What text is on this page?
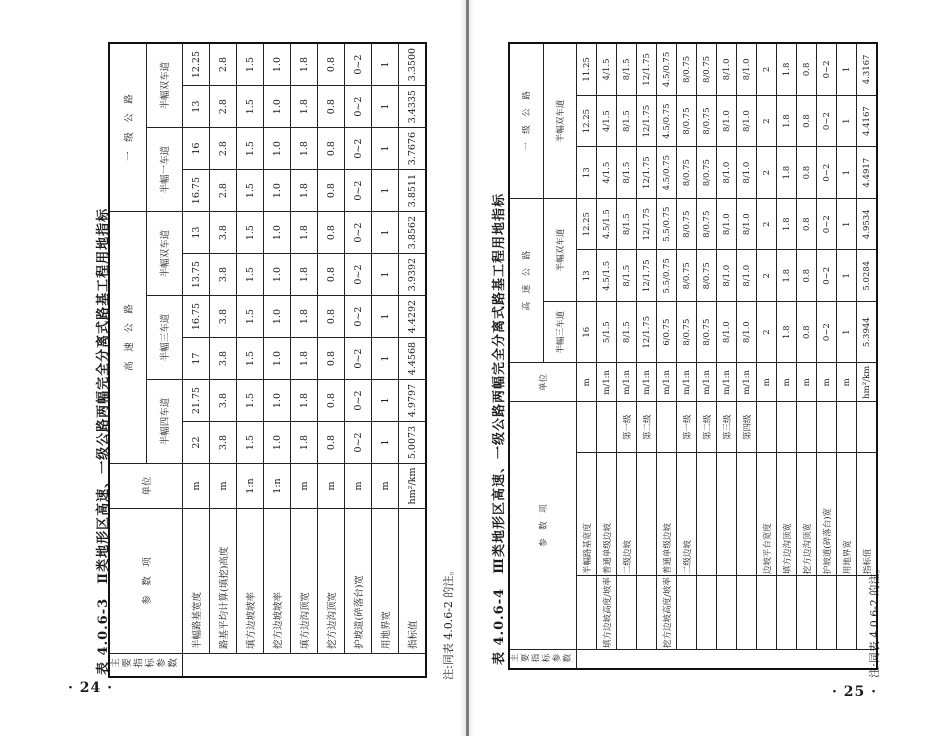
· 24 ·
表 4.0.6-3　Ⅱ类地形区高速、一级公路两幅完全分离式路基工程用地指标	注:同表 4.0.6-2 的注。
主要指标参数	参　数　项	单位	高　速　公　路						一　级　公　路			
			半幅四车道		半幅三车道		半幅双车道		半幅一车道		半幅双车道	
	半幅路基宽度	m	22	21.75	17	16.75	13.75	13	16.75	16	13	12.25
	路基平均计算(填挖)高度	m	3.8	3.8	3.8	3.8	3.8	3.8	2.8	2.8	2.8	2.8
	填方边坡坡率	1:n	1.5	1.5	1.5	1.5	1.5	1.5	1.5	1.5	1.5	1.5
	挖方边坡坡率	1:n	1.0	1.0	1.0	1.0	1.0	1.0	1.0	1.0	1.0	1.0
	填方边沟顶宽	m	1.8	1.8	1.8	1.8	1.8	1.8	1.8	1.8	1.8	1.8
	挖方边沟顶宽	m	0.8	0.8	0.8	0.8	0.8	0.8	0.8	0.8	0.8	0.8
	护坡道(碎落台)宽	m	0~2	0~2	0~2	0~2	0~2	0~2	0~2	0~2	0~2	0~2
	用地界宽	m	1	1	1	1	1	1	1	1	1	1
	指标值	hm²/km	5.0073	4.9797	4.4568	4.4292	3.9392	3.8562	3.8511	3.7676	3.4335	3.3500
· 25 ·
表 4.0.6-4　Ⅲ类地形区高速、一级公路两幅完全分离式路基工程用地指标	注:同表 4.0.6-2 的注。
主要指标参数	参　数　项			单位	高　速　公　路			一　级　公　路		
					半幅三车道	半幅双车道		半幅双车道		
		半幅路基宽度		m	16	13	12.25	13	12.25	11.25
	填方边坡高度/坡率	普通单级边坡		m/1:n	5/1.5	4.5/1.5	4.5/1.5	4/1.5	4/1.5	4/1.5
		二级边坡	第一级	m/1:n	8/1.5	8/1.5	8/1.5	8/1.5	8/1.5	8/1.5
			第二级	m/1:n	12/1.75	12/1.75	12/1.75	12/1.75	12/1.75	12/1.75
	挖方边坡高度/坡率	普通单级边坡		m/1:n	6/0.75	5.5/0.75	5.5/0.75	4.5/0.75	4.5/0.75	4.5/0.75
		二级边坡	第一级	m/1:n	8/0.75	8/0.75	8/0.75	8/0.75	8/0.75	8/0.75
			第二级	m/1:n	8/0.75	8/0.75	8/0.75	8/0.75	8/0.75	8/0.75
			第三级	m/1:n	8/1.0	8/1.0	8/1.0	8/1.0	8/1.0	8/1.0
			第四级	m/1:n	8/1.0	8/1.0	8/1.0	8/1.0	8/1.0	8/1.0
		边坡平台宽度		m	2	2	2	2	2	2
		填方边沟顶宽		m	1.8	1.8	1.8	1.8	1.8	1.8
		挖方边沟顶宽		m	0.8	0.8	0.8	0.8	0.8	0.8
		护坡道(碎落台)宽		m	0~2	0~2	0~2	0~2	0~2	0~2
		用地界宽		m	1	1	1	1	1	1
		指标值		hm²/km	5.3944	5.0284	4.9534	4.4917	4.4167	4.3167
